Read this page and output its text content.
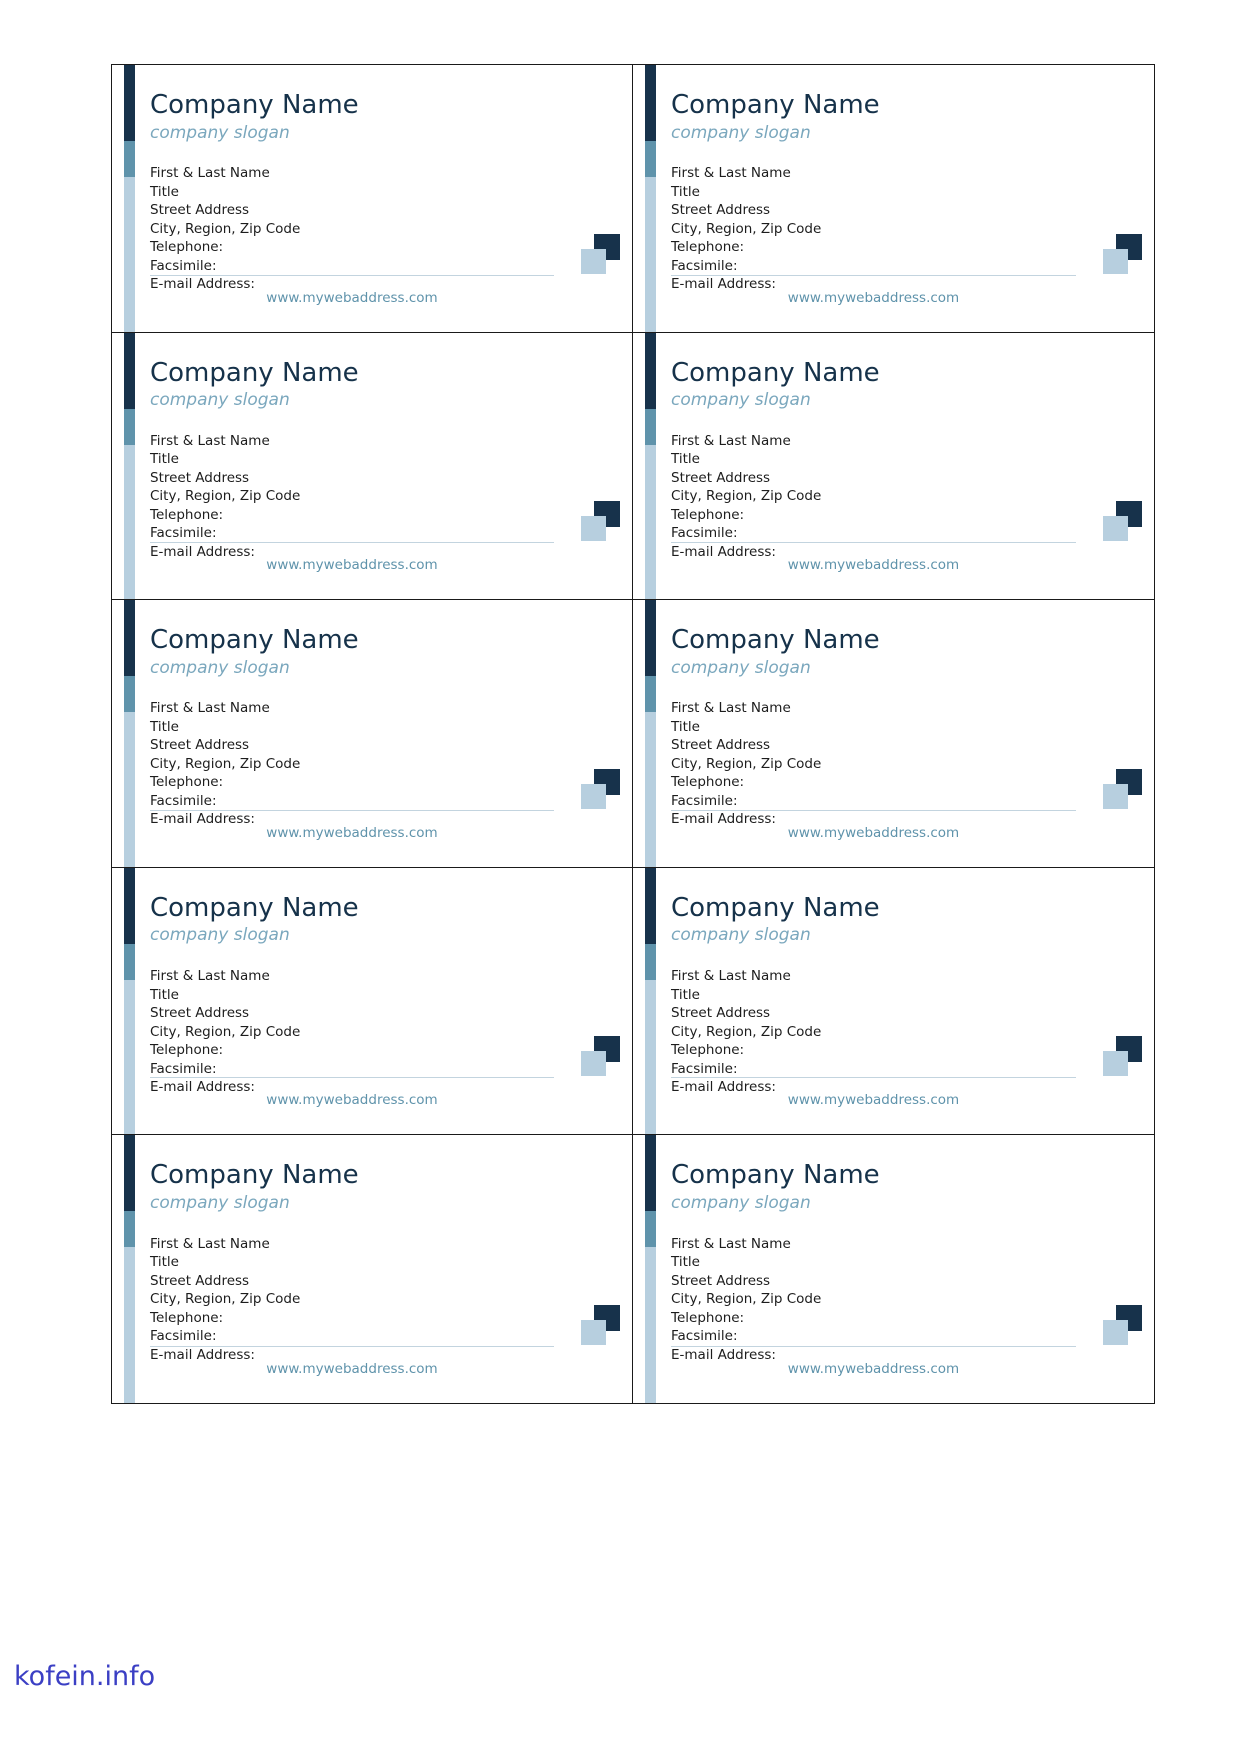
Company Name
company slogan
First & Last Name
Title
Street Address
City, Region, Zip Code
Telephone:
Facsimile:
E-mail Address:
www.mywebaddress.com
Company Name
company slogan
First & Last Name
Title
Street Address
City, Region, Zip Code
Telephone:
Facsimile:
E-mail Address:
www.mywebaddress.com
Company Name
company slogan
First & Last Name
Title
Street Address
City, Region, Zip Code
Telephone:
Facsimile:
E-mail Address:
www.mywebaddress.com
Company Name
company slogan
First & Last Name
Title
Street Address
City, Region, Zip Code
Telephone:
Facsimile:
E-mail Address:
www.mywebaddress.com
Company Name
company slogan
First & Last Name
Title
Street Address
City, Region, Zip Code
Telephone:
Facsimile:
E-mail Address:
www.mywebaddress.com
Company Name
company slogan
First & Last Name
Title
Street Address
City, Region, Zip Code
Telephone:
Facsimile:
E-mail Address:
www.mywebaddress.com
Company Name
company slogan
First & Last Name
Title
Street Address
City, Region, Zip Code
Telephone:
Facsimile:
E-mail Address:
www.mywebaddress.com
Company Name
company slogan
First & Last Name
Title
Street Address
City, Region, Zip Code
Telephone:
Facsimile:
E-mail Address:
www.mywebaddress.com
Company Name
company slogan
First & Last Name
Title
Street Address
City, Region, Zip Code
Telephone:
Facsimile:
E-mail Address:
www.mywebaddress.com
Company Name
company slogan
First & Last Name
Title
Street Address
City, Region, Zip Code
Telephone:
Facsimile:
E-mail Address:
www.mywebaddress.com
kofein.info
